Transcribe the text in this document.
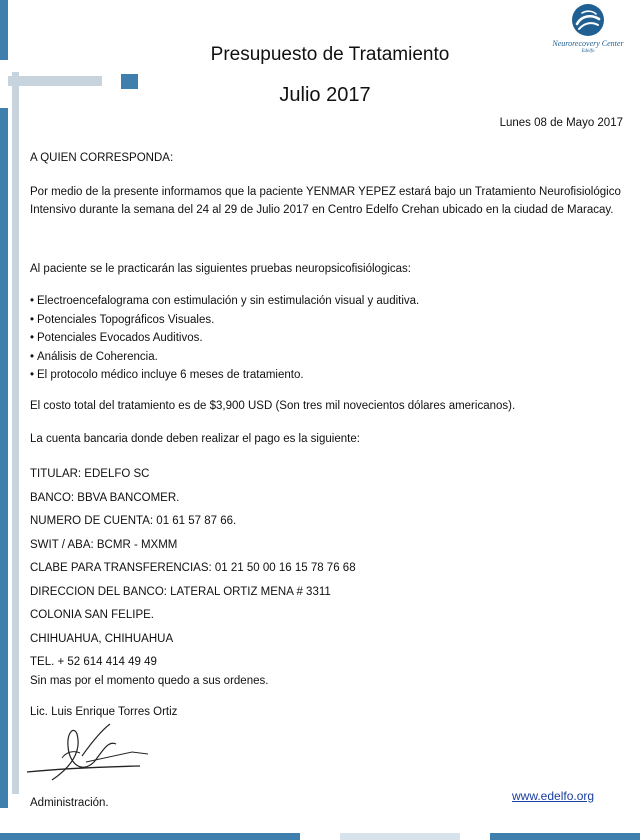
Neurorecovery Center
Edelfo
Presupuesto de Tratamiento
Julio 2017
Lunes 08 de Mayo 2017
A QUIEN CORRESPONDA:
Por medio de la presente informamos que la paciente YENMAR YEPEZ estará bajo un Tratamiento Neurofisiológico Intensivo durante la semana del 24 al 29 de Julio 2017 en Centro Edelfo Crehan ubicado en la ciudad de Maracay.
Al paciente se le practicarán las siguientes pruebas neuropsicofisiólogicas:
• Electroencefalograma con estimulación y sin estimulación visual y auditiva.
• Potenciales Topográficos Visuales.
• Potenciales Evocados Auditivos.
• Análisis de Coherencia.
• El protocolo médico incluye 6 meses de tratamiento.
El costo total del tratamiento es de $3,900 USD (Son tres mil novecientos dólares americanos).
La cuenta bancaria donde deben realizar el pago es la siguiente:
TITULAR: EDELFO SC
BANCO: BBVA BANCOMER.
NUMERO DE CUENTA: 01 61 57 87 66.
SWIT / ABA: BCMR - MXMM
CLABE PARA TRANSFERENCIAS: 01 21 50 00 16 15 78 76 68
DIRECCION DEL BANCO: LATERAL ORTIZ MENA # 3311
COLONIA SAN FELIPE.
CHIHUAHUA, CHIHUAHUA
TEL. + 52 614 414 49 49
Sin mas por el momento quedo a sus ordenes.
Lic. Luis Enrique Torres Ortiz
Administración.	www.edelfo.org
